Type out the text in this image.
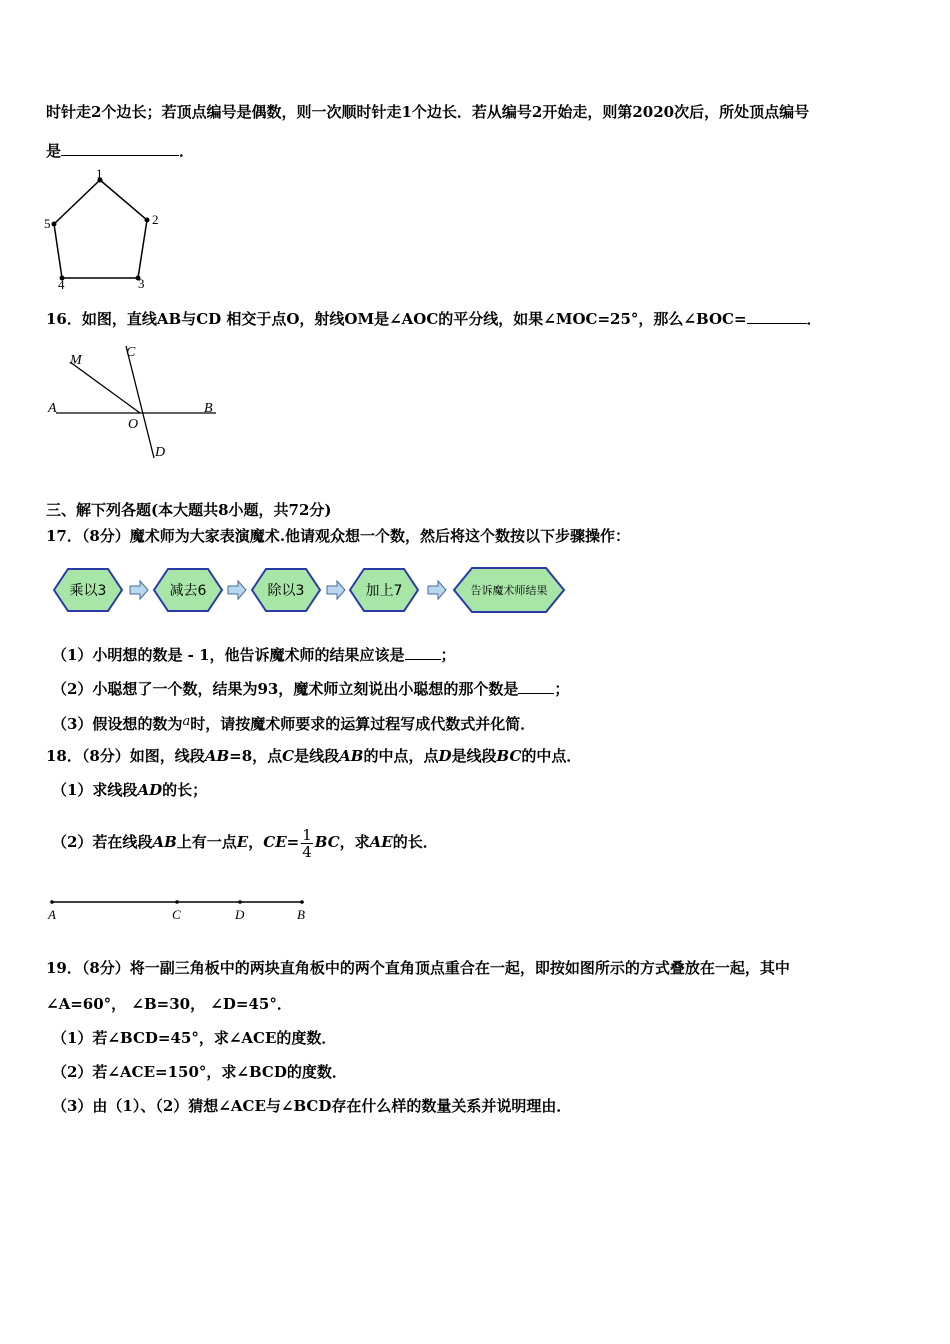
时针走2个边长；若顶点编号是偶数，则一次顺时针走1个边长．若从编号2开始走，则第2020次后，所处顶点编号
是	．
1
2
3
4
5
16．如图，直线AB与CD 相交于点O，射线OM是∠AOC的平分线，如果∠MOC=25°，那么∠BOC=	．
A	B
C
D
M
O
三、解下列各题(本大题共8小题，共72分)
17．（8分）魔术师为大家表演魔术.他请观众想一个数，然后将这个数按以下步骤操作：
乘以3	减去6	除以3	加上7	告诉魔术师结果
（1）小明想的数是 - 1，他告诉魔术师的结果应该是 ；
（2）小聪想了一个数，结果为93，魔术师立刻说出小聪想的那个数是 ；
（3）假设想的数为a时，请按魔术师要求的运算过程写成代数式并化简．
18．（8分）如图，线段AB=8，点C是线段AB的中点，点D是线段BC的中点．
（1）求线段AD的长；
（2）若在线段AB上有一点E，$CE= \frac{1}{4}$ BC，求AE的长．
A	C	D	B
19．（8分）将一副三角板中的两块直角板中的两个直角顶点重合在一起，即按如图所示的方式叠放在一起，其中
∠A=60°， ∠B=30， ∠D=45°．
（1）若∠BCD=45°，求∠ACE的度数．
（2）若∠ACE=150°，求∠BCD的度数．
（3）由（1）、（2）猜想∠ACE与∠BCD存在什么样的数量关系并说明理由．
